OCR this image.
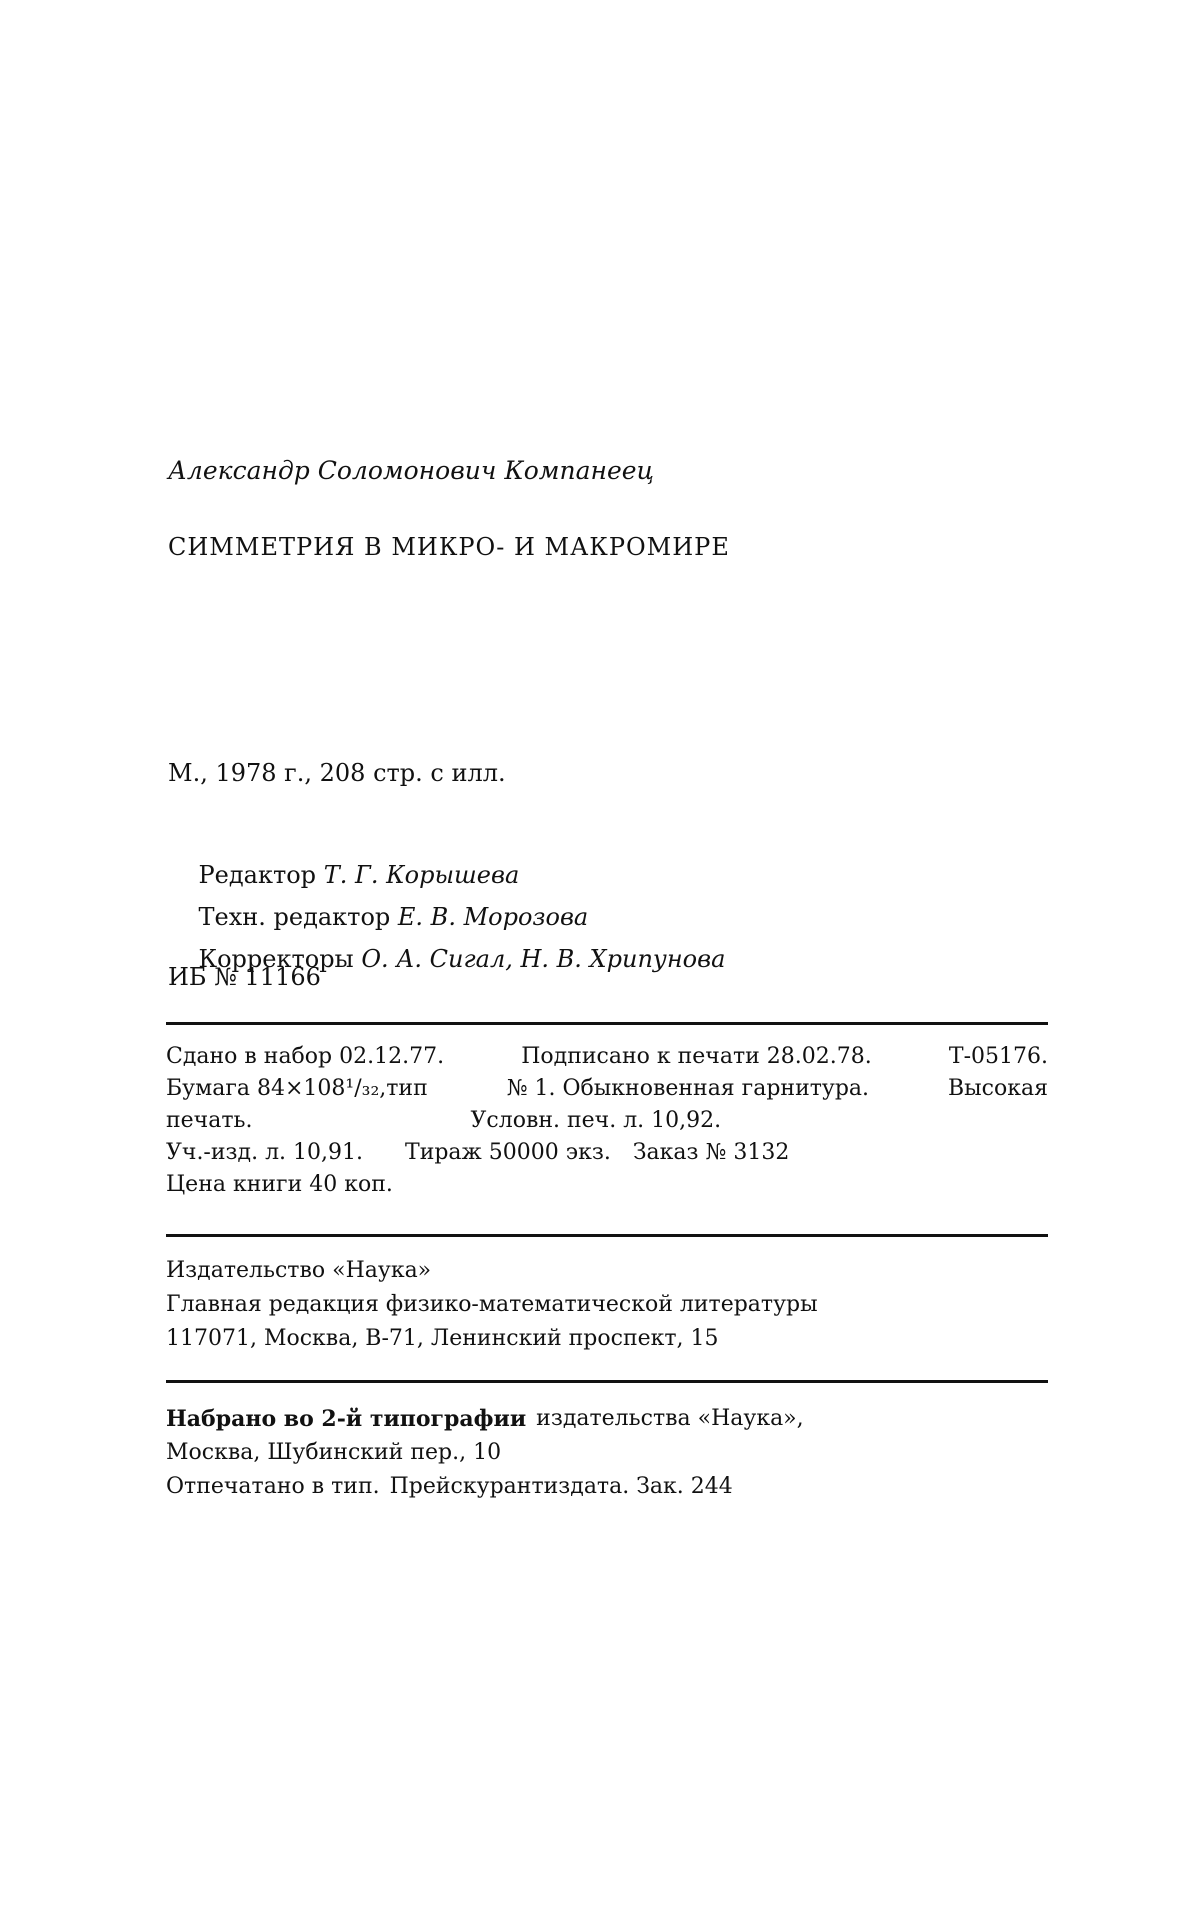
Александр Соломонович Компанеец
СИММЕТРИЯ В МИКРО- И МАКРОМИРЕ
М., 1978 г., 208 стр. с илл.

Редактор Т. Г. Корышева

Техн. редактор Е. В. Морозова

Корректоры О. А. Сигал, Н. В. Хрипунова

ИБ № 11166
Сдано в набор 02.12.77.	Подписано к печати 28.02.78.	Т-05176.
Бумага 84×108¹/₃₂,тип	№ 1. Обыкновенная гарнитура.	Высокая
печать.	Условн. печ. л. 10,92.
Уч.-изд. л. 10,91. Тираж 50000 экз. Заказ № 3132
Цена книги 40 коп.
Издательство «Наука»
Главная редакция физико-математической литературы
117071, Москва, В-71, Ленинский проспект, 15
Набрано во 2-й типографии издательства «Наука»,
Москва, Шубинский пер., 10
Отпечатано в тип. Прейскурантиздата. Зак. 244
